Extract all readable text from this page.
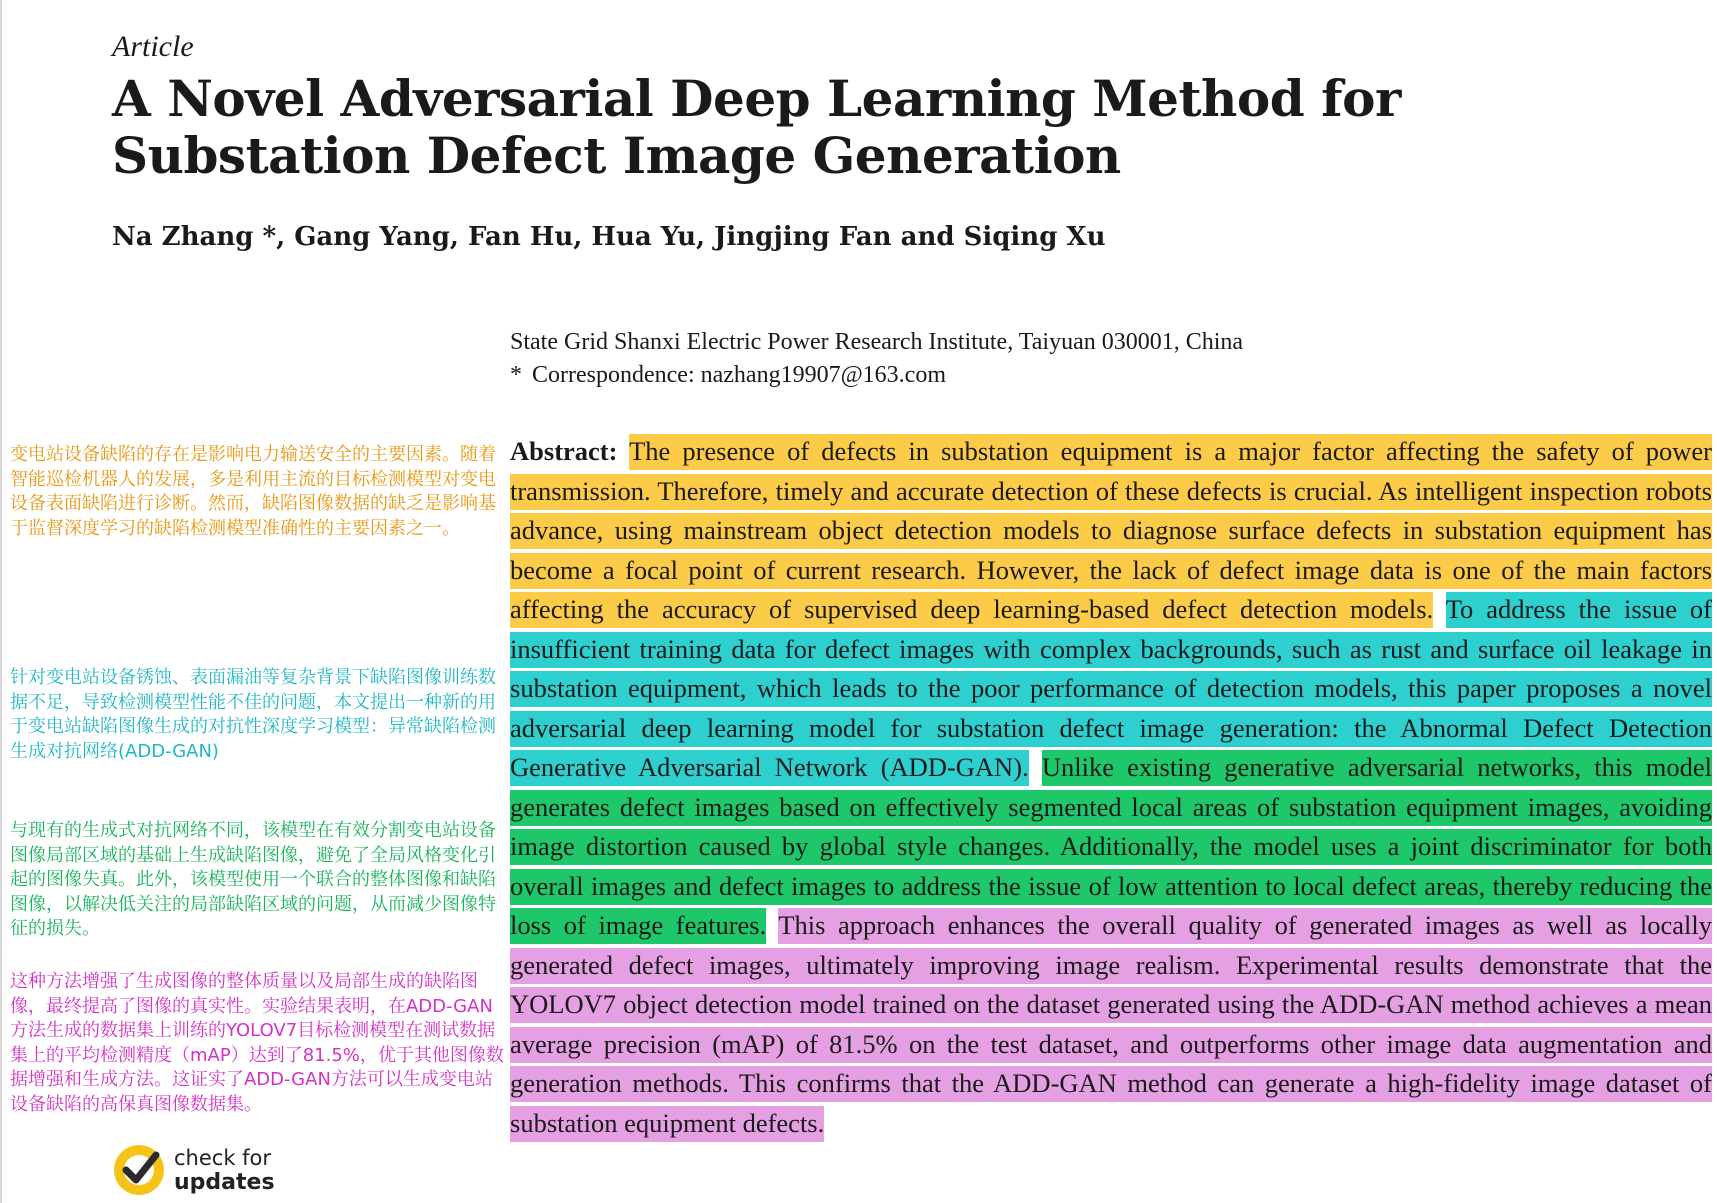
Article
A Novel Adversarial Deep Learning Method for Substation Defect Image Generation
Na Zhang *, Gang Yang, Fan Hu, Hua Yu, Jingjing Fan and Siqing Xu
State Grid Shanxi Electric Power Research Institute, Taiyuan 030001, China
* Correspondence: nazhang19907@163.com
变电站设备缺陷的存在是影响电力输送安全的主要因素。随着智能巡检机器人的发展，多是利用主流的目标检测模型对变电设备表面缺陷进行诊断。然而，缺陷图像数据的缺乏是影响基于监督深度学习的缺陷检测模型准确性的主要因素之一。
针对变电站设备锈蚀、表面漏油等复杂背景下缺陷图像训练数据不足，导致检测模型性能不佳的问题，本文提出一种新的用于变电站缺陷图像生成的对抗性深度学习模型：异常缺陷检测生成对抗网络(ADD-GAN)
与现有的生成式对抗网络不同，该模型在有效分割变电站设备图像局部区域的基础上生成缺陷图像，避免了全局风格变化引起的图像失真。此外，该模型使用一个联合的整体图像和缺陷图像，以解决低关注的局部缺陷区域的问题，从而减少图像特征的损失。
这种方法增强了生成图像的整体质量以及局部生成的缺陷图像，最终提高了图像的真实性。实验结果表明，在ADD-GAN方法生成的数据集上训练的YOLOV7目标检测模型在测试数据集上的平均检测精度（mAP）达到了81.5%，优于其他图像数据增强和生成方法。这证实了ADD-GAN方法可以生成变电站设备缺陷的高保真图像数据集。
Abstract: The presence of defects in substation equipment is a major factor affecting the safety of power transmission. Therefore, timely and accurate detection of these defects is crucial. As intelligent inspection robots advance, using mainstream object detection models to diagnose surface defects in substation equipment has become a focal point of current research. However, the lack of defect image data is one of the main factors affecting the accuracy of supervised deep learning-based defect detection models. To address the issue of insufficient training data for defect images with complex backgrounds, such as rust and surface oil leakage in substation equipment, which leads to the poor performance of detection models, this paper proposes a novel adversarial deep learning model for substation defect image generation: the Abnormal Defect Detection Generative Adversarial Network (ADD-GAN). Unlike existing generative adversarial networks, this model generates defect images based on effectively segmented local areas of substation equipment images, avoiding image distortion caused by global style changes. Additionally, the model uses a joint discriminator for both overall images and defect images to address the issue of low attention to local defect areas, thereby reducing the loss of image features. This approach enhances the overall quality of generated images as well as locally generated defect images, ultimately improving image realism. Experimental results demonstrate that the YOLOV7 object detection model trained on the dataset generated using the ADD-GAN method achieves a mean average precision (mAP) of 81.5% on the test dataset, and outperforms other image data augmentation and generation methods. This confirms that the ADD-GAN method can generate a high-fidelity image dataset of substation equipment defects.
check for
updates
